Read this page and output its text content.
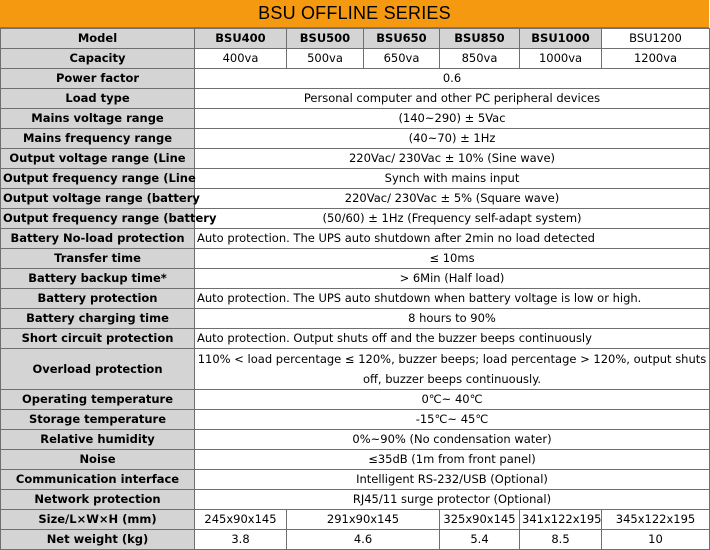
BSU OFFLINE SERIES
Model	BSU400	BSU500	BSU650	BSU850	BSU1000	BSU1200
Capacity	400va	500va	650va	850va	1000va	1200va
Power factor	0.6					
Load type	Personal computer and other PC peripheral devices					
Mains voltage range	(140~290) ± 5Vac					
Mains frequency range	(40~70) ± 1Hz					
Output voltage range (Line	220Vac/ 230Vac ± 10% (Sine wave)					
Output frequency range (Line	Synch with mains input					
Output voltage range (battery	220Vac/ 230Vac ± 5% (Square wave)					
Output frequency range (battery	(50/60) ± 1Hz (Frequency self-adapt system)					
Battery No-load protection	Auto protection. The UPS auto shutdown after 2min no load detected					
Transfer time	≤ 10ms					
Battery backup time*	> 6Min (Half load)					
Battery protection	Auto protection. The UPS auto shutdown when battery voltage is low or high.					
Battery charging time	8 hours to 90%					
Short circuit protection	Auto protection. Output shuts off and the buzzer beeps continuously					
Overload protection	110% < load percentage ≤ 120%, buzzer beeps; load percentage > 120%, output shuts off, buzzer beeps continuously.					
Operating temperature	0℃~ 40℃					
Storage temperature	-15℃~ 45℃					
Relative humidity	0%~90% (No condensation water)					
Noise	≤35dB (1m from front panel)					
Communication interface	Intelligent RS-232/USB (Optional)					
Network protection	RJ45/11 surge protector (Optional)					
Size/L×W×H (mm)	245x90x145	291x90x145		325x90x145	341x122x195	345x122x195
Net weight (kg)	3.8	4.6		5.4	8.5	10
